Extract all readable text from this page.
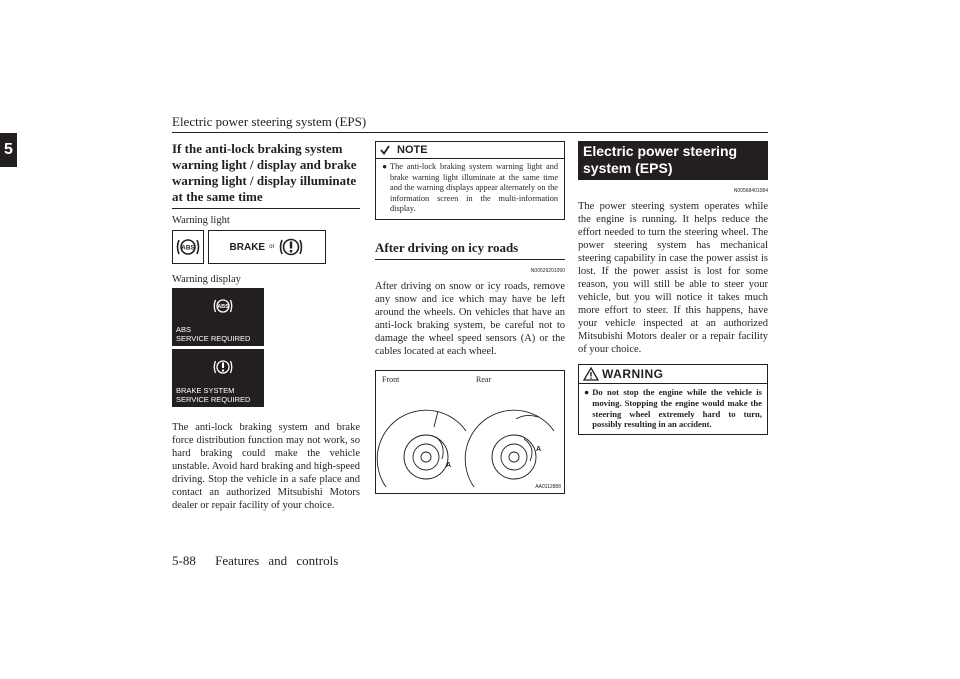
Electric power steering system (EPS)
5	If the anti-lock braking system warning light / display and brake warning light / display illuminate at the same time
Warning light
ABS	BRAKE or
Warning display
ABS
ABS
SERVICE REQUIRED
BRAKE SYSTEM
SERVICE REQUIRED

The anti-lock braking system and brake force distribution function may not work, so hard braking could make the vehicle unstable. Avoid hard braking and high-speed driving. Stop the vehicle in a safe place and contact an authorized Mitsubishi Motors dealer or repair facility of your choice.

NOTE
● The anti-lock braking system warning light and brake warning light illuminate at the same time and the warning displays appear alternately on the information screen in the multi-information display.
After driving on icy roads
N00529201090

After driving on snow or icy roads, remove any snow and ice which may have be left around the wheels. On vehicles that have an anti-lock braking system, be careful not to damage the wheel speed sensors (A) or the cables located at each wheel.

Front	Rear
A
A
AA0112888
Electric power steering system (EPS)
N00568401084

The power steering system operates while the engine is running. It helps reduce the effort needed to turn the steering wheel. The power steering system has mechanical steering capability in case the power assist is lost. If the power assist is lost for some reason, you will still be able to steer your vehicle, but you will notice it takes much more effort to steer. If this happens, have your vehicle inspected at an authorized Mitsubishi Motors dealer or a repair facility of your choice.

WARNING
● Do not stop the engine while the vehicle is moving. Stopping the engine would make the steering wheel extremely hard to turn, possibly resulting in an accident.
5-88 Features and controls
